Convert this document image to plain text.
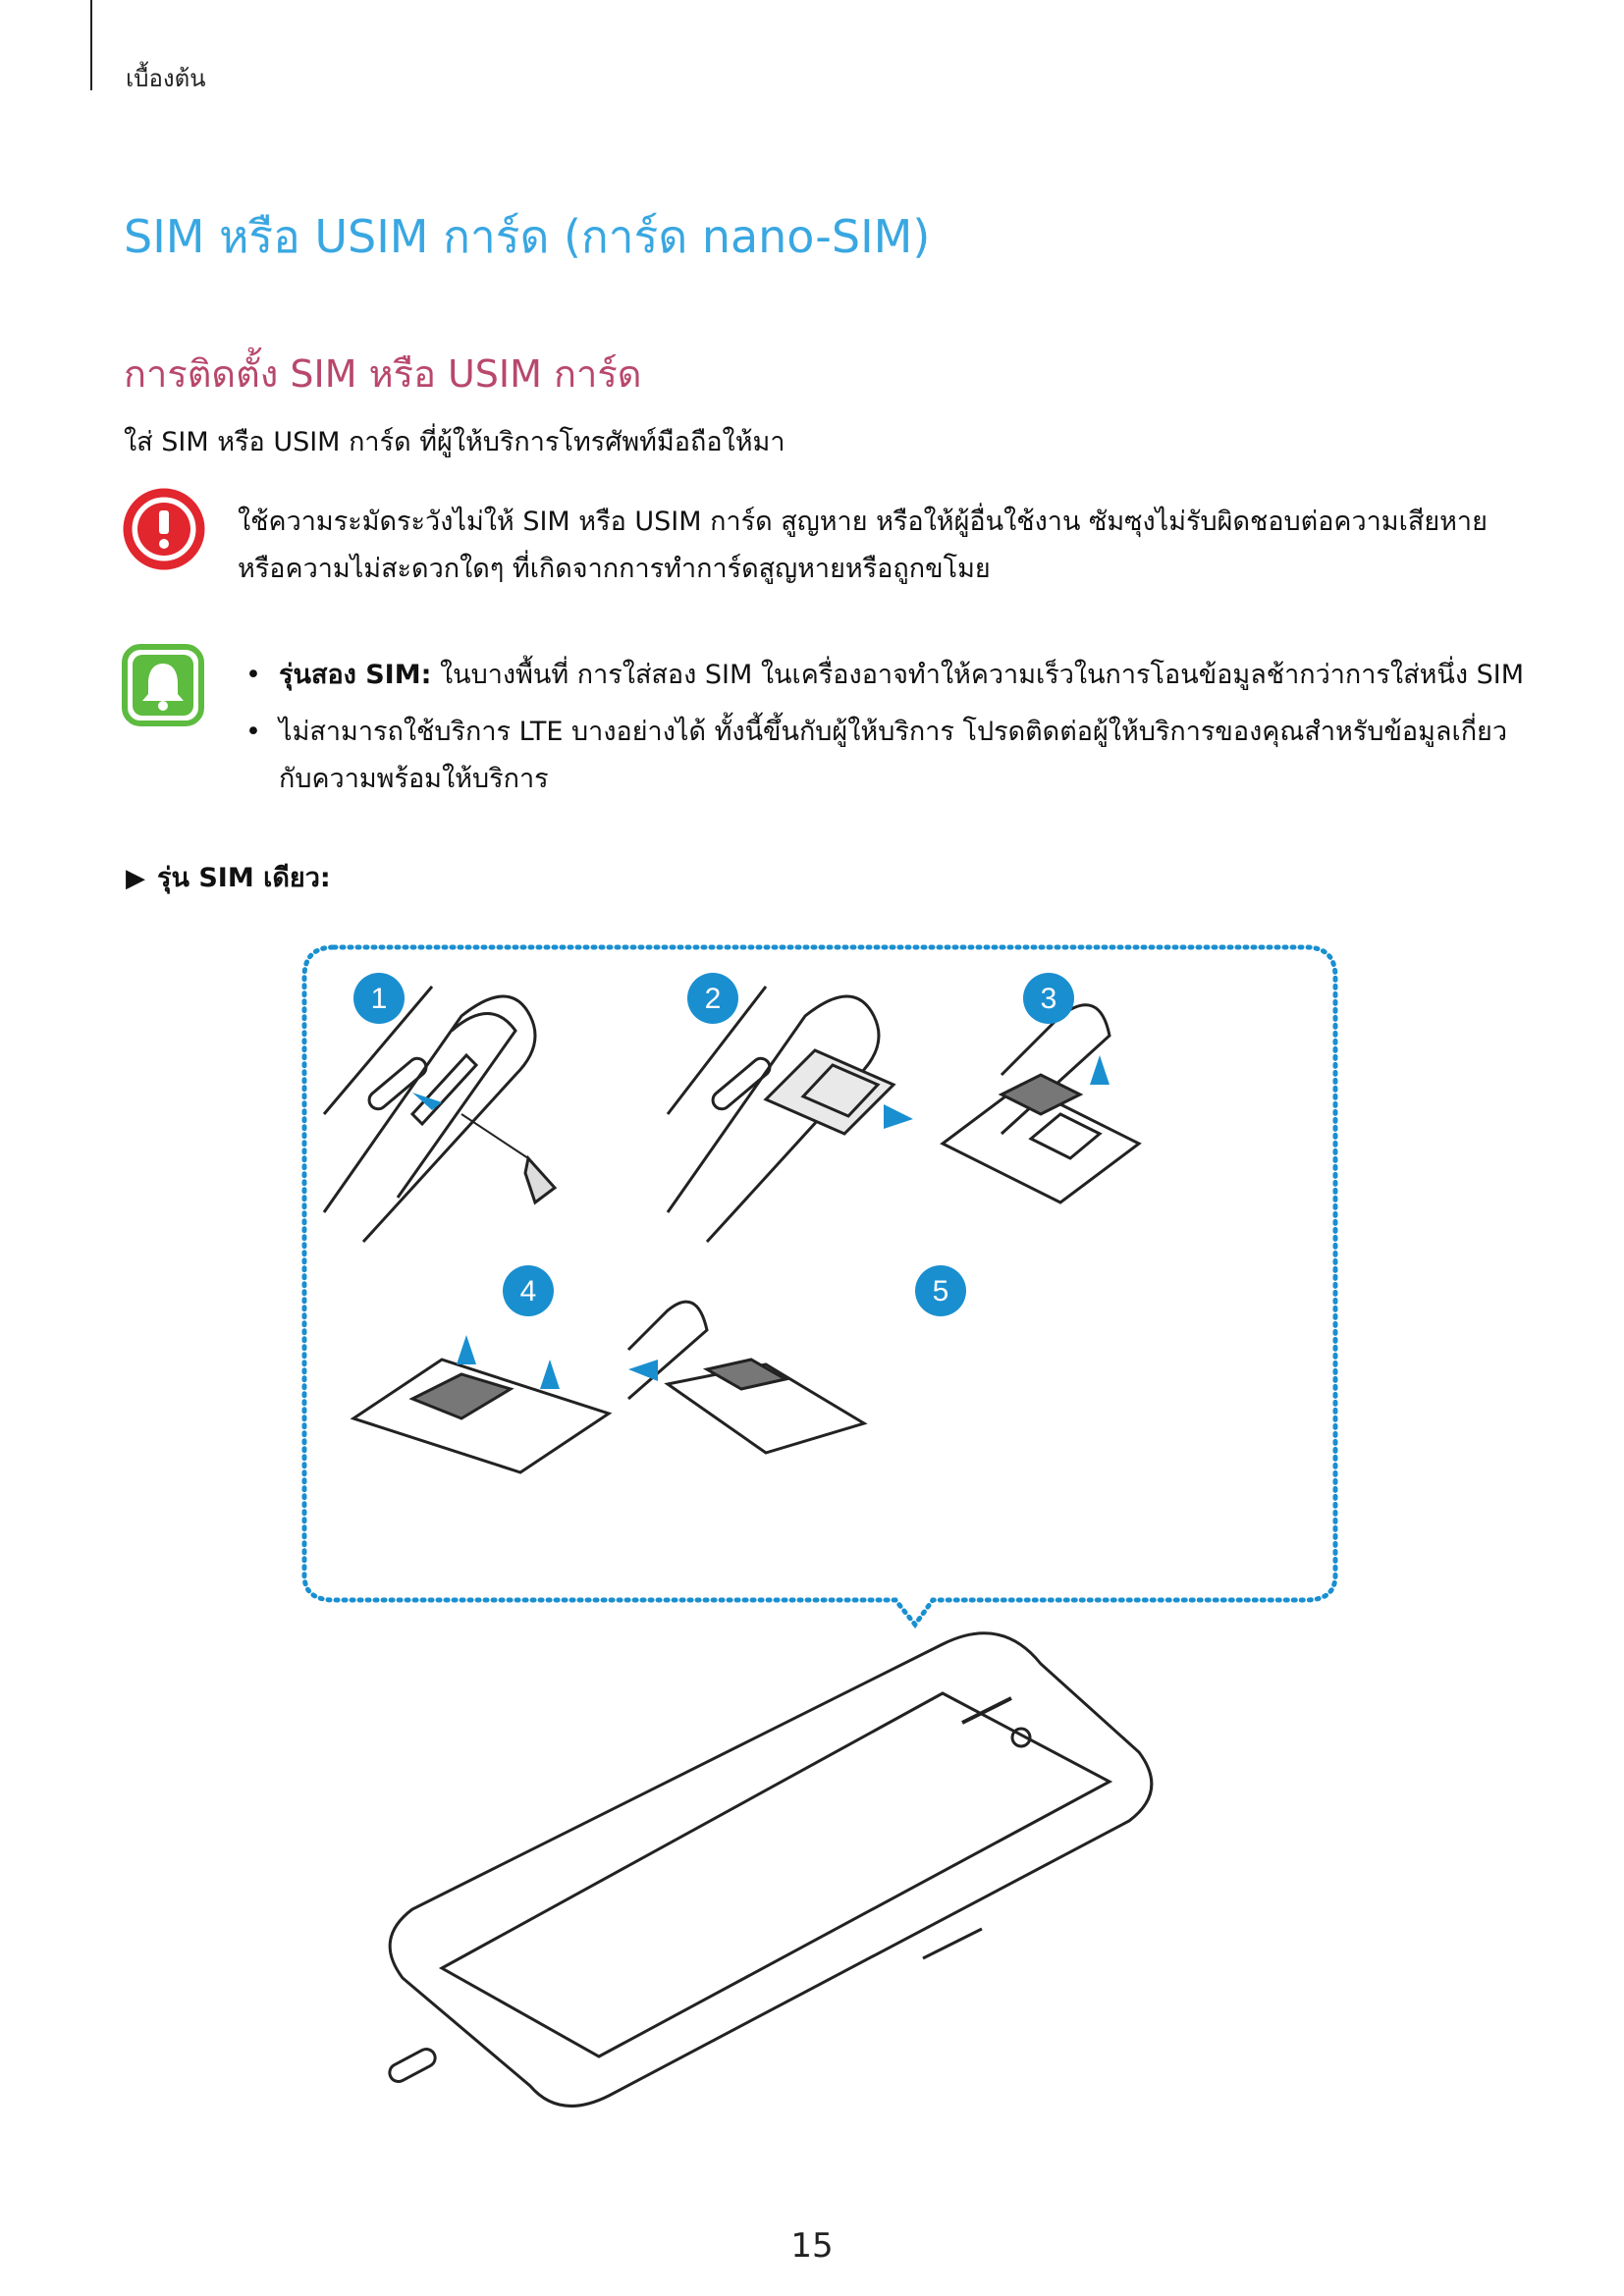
เบื้องต้น
SIM หรือ USIM การ์ด (การ์ด nano-SIM)
การติดตั้ง SIM หรือ USIM การ์ด
ใส่ SIM หรือ USIM การ์ด ที่ผู้ให้บริการโทรศัพท์มือถือให้มา
ใช้ความระมัดระวังไม่ให้ SIM หรือ USIM การ์ด สูญหาย หรือให้ผู้อื่นใช้งาน ซัมซุงไม่รับผิดชอบต่อความเสียหายหรือความไม่สะดวกใดๆ ที่เกิดจากการทำการ์ดสูญหายหรือถูกขโมย
• รุ่นสอง SIM: ในบางพื้นที่ การใส่สอง SIM ในเครื่องอาจทำให้ความเร็วในการโอนข้อมูลช้ากว่าการใส่หนึ่ง SIM
• ไม่สามารถใช้บริการ LTE บางอย่างได้ ทั้งนี้ขึ้นกับผู้ให้บริการ โปรดติดต่อผู้ให้บริการของคุณสำหรับข้อมูลเกี่ยวกับความพร้อมให้บริการ
▶ รุ่น SIM เดียว:
1	2	3
4	5
15
